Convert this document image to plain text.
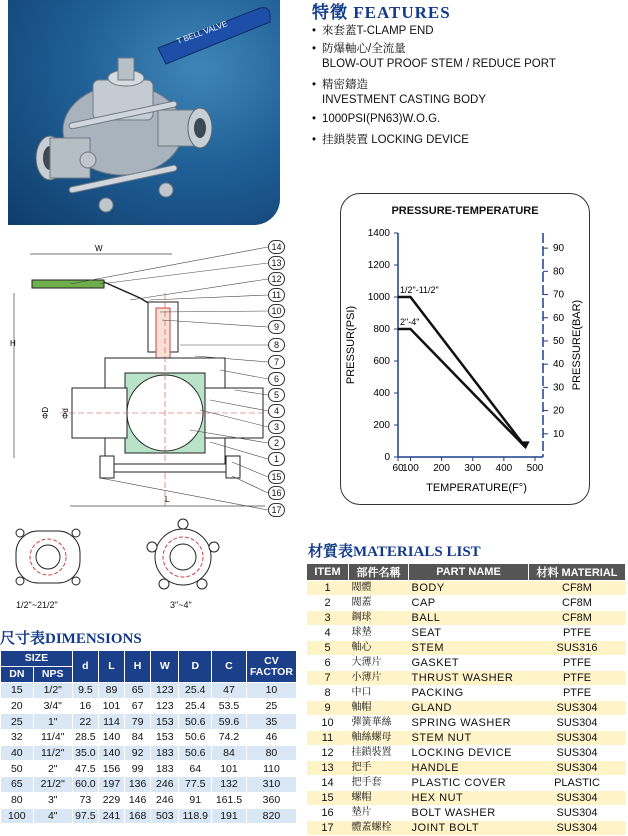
T BELL VALVE
特徵 FEATURES
• 來套蓋T-CLAMP END
• 防爆軸心/全流量
BLOW-OUT PROOF STEM / REDUCE PORT
• 精密鑄造
INVESTMENT CASTING BODY
• 1000PSI(PN63)W.O.G.
• 挂鎖裝置 LOCKING DEVICE
W
H
ΦD Φd
L
14
13
12
11
10
9
8
7
6
5
4
3
2
1
15
16
17
1/2"~21/2"	3"~4"
PRESSURE-TEMPERATURE
0
200
400
600
800
1000
1200
1400
10
20
30
40
50
60
70
80
90
60
100 200 300 400 500
1/2"-11/2"
2"-4"
TEMPERATURE(F°)
PRESSUR(PSI)	PRESSURE(BAR)
材質表MATERIALS LIST
ITEM	部件名稱	PART NAME	材料 MATERIAL
1	閥體	BODY	CF8M
2	閥蓋	CAP	CF8M
3	鋼球	BALL	CF8M
4	球墊	SEAT	PTFE
5	軸心	STEM	SUS316
6	大薄片	GASKET	PTFE
7	小薄片	THRUST WASHER	PTFE
8	中口	PACKING	PTFE
9	軸帽	GLAND	SUS304
10	彈簧華絲	SPRING WASHER	SUS304
11	軸絲螺母	STEM NUT	SUS304
12	挂鎖裝置	LOCKING DEVICE	SUS304
13	把手	HANDLE	SUS304
14	把手套	PLASTIC COVER	PLASTIC
15	螺帽	HEX NUT	SUS304
16	墊片	BOLT WASHER	SUS304
17	體蓋螺栓	JOINT BOLT	SUS304
尺寸表DIMENSIONS
SIZE		d	L	H	W	D	C	CV FACTOR
DN	NPS							
15	1/2"	9.5	89	65	123	25.4	47	10
20	3/4"	16	101	67	123	25.4	53.5	25
25	1"	22	114	79	153	50.6	59.6	35
32	11/4"	28.5	140	84	153	50.6	74.2	46
40	11/2"	35.0	140	92	183	50.6	84	80
50	2"	47.5	156	99	183	64	101	110
65	21/2"	60.0	197	136	246	77.5	132	310
80	3"	73	229	146	246	91	161.5	360
100	4"	97.5	241	168	503	118.9	191	820
